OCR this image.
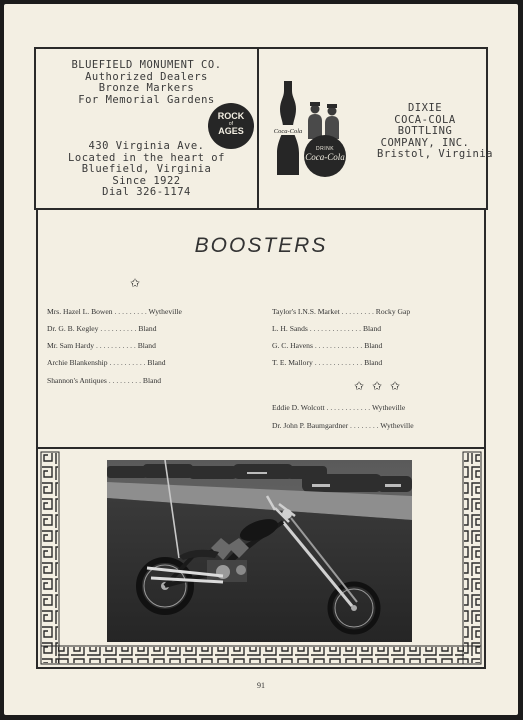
BLUEFIELD MONUMENT CO.
Authorized Dealers
Bronze Markers
For Memorial Gardens
ROCK
of
AGES
430 Virginia Ave.
Located in the heart of
Bluefield, Virginia
Since 1922
Dial 326-1174
Coca-Cola
DRINK
Coca-Cola
DIXIE
COCA-COLA
BOTTLING
COMPANY, INC.
Bristol, Virginia
BOOSTERS
✩
Mrs. Hazel L. Bowen . . . . . . . . . Wytheville
Dr. G. B. Kegley . . . . . . . . . . Bland
Mr. Sam Hardy . . . . . . . . . . . Bland
Archie Blankenship . . . . . . . . . . Bland
Shannon's Antiques . . . . . . . . . Bland
Taylor's I.N.S. Market . . . . . . . . . Rocky Gap
L. H. Sands . . . . . . . . . . . . . . Bland
G. C. Havens . . . . . . . . . . . . . Bland
T. E. Mallory . . . . . . . . . . . . . Bland
✩ ✩ ✩
Eddie D. Wolcott . . . . . . . . . . . . Wytheville
Dr. John P. Baumgardner . . . . . . . . Wytheville
91
